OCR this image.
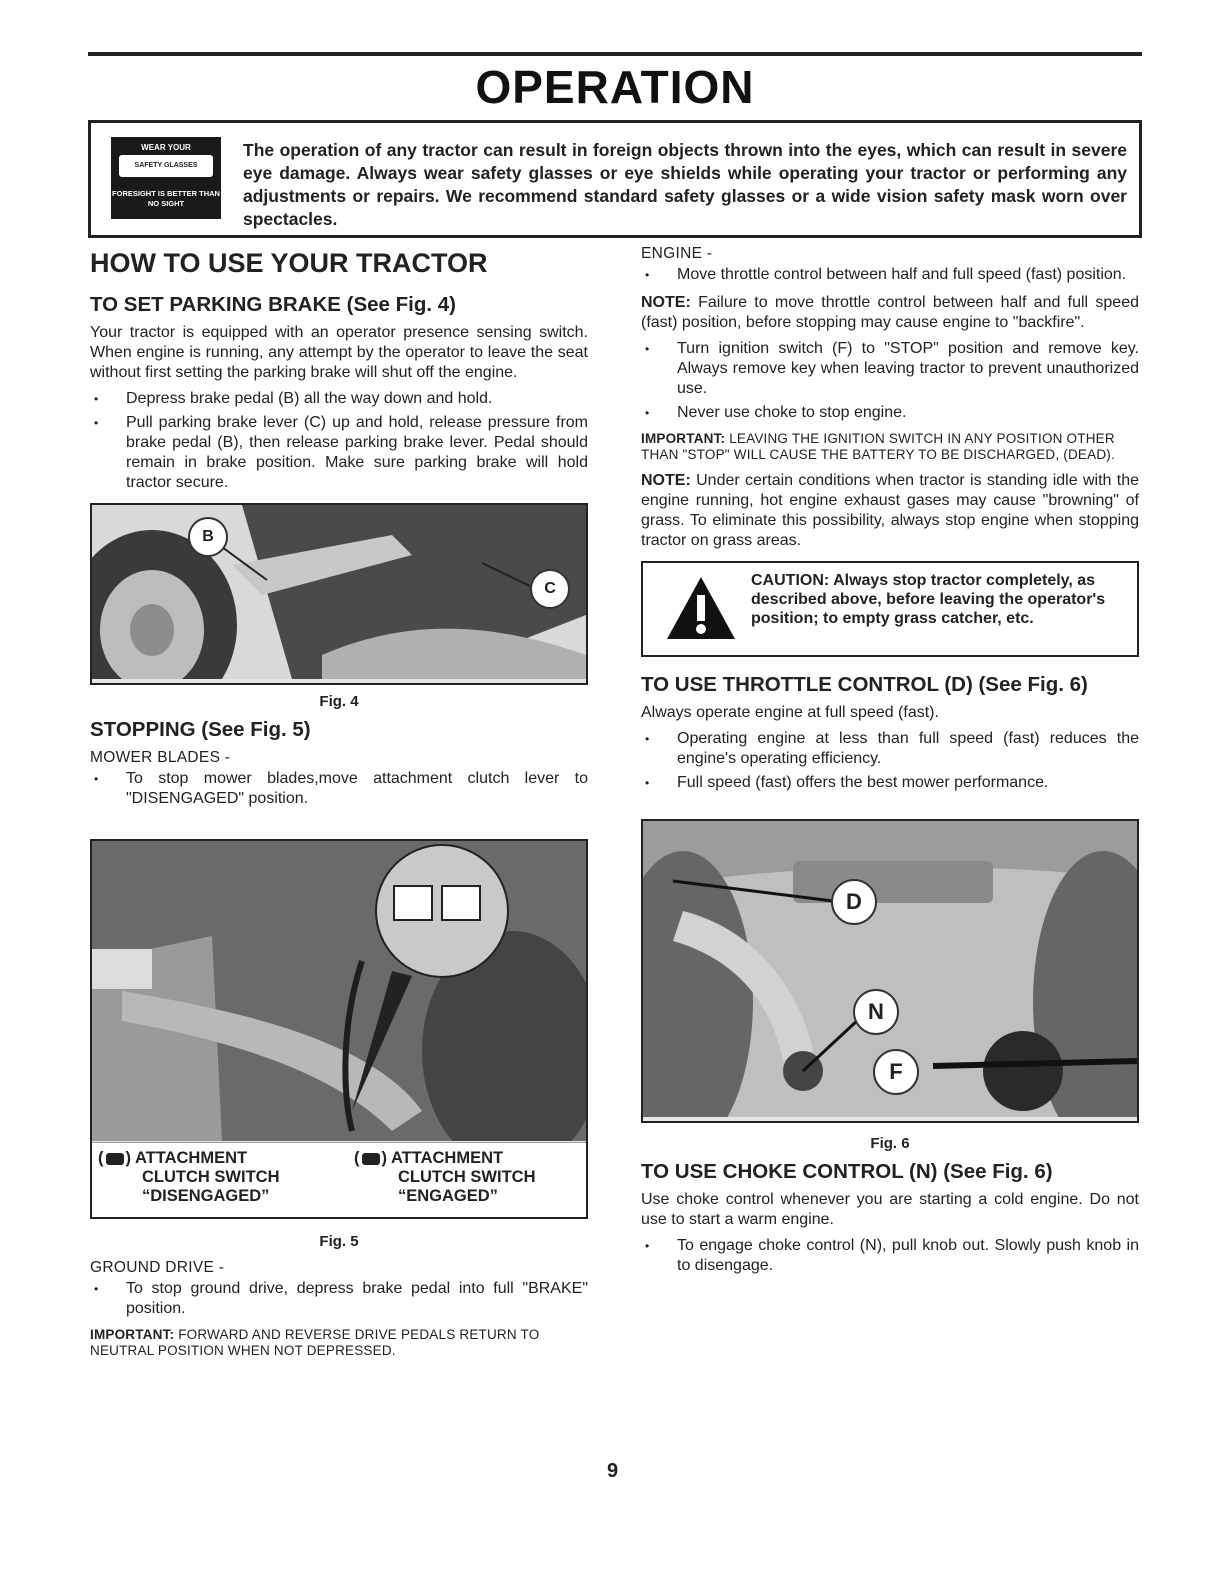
OPERATION
WEAR YOUR
SAFETY GLASSES
FORESIGHT IS BETTER THAN NO SIGHT
The operation of any tractor can result in foreign objects thrown into the eyes, which can result in severe eye damage. Always wear safety glasses or eye shields while operating your tractor or performing any adjustments or repairs. We recommend standard safety glasses or a wide vision safety mask worn over spectacles.
HOW TO USE YOUR TRACTOR
TO SET PARKING BRAKE (See Fig. 4)

Your tractor is equipped with an operator presence sensing switch. When engine is running, any attempt by the operator to leave the seat without first setting the parking brake will shut off the engine.

• Depress brake pedal (B) all the way down and hold.
• Pull parking brake lever (C) up and hold, release pressure from brake pedal (B), then release parking brake lever. Pedal should remain in brake position. Make sure parking brake will hold tractor secure.
B
C
Fig. 4
STOPPING (See Fig. 5)
MOWER BLADES -
• To stop mower blades,move attachment clutch lever to "DISENGAGED" position.
( ) ATTACHMENT
CLUTCH SWITCH
“DISENGAGED”
( ) ATTACHMENT
CLUTCH SWITCH
“ENGAGED”
Fig. 5
GROUND DRIVE -
• To stop ground drive, depress brake pedal into full "BRAKE" position.
IMPORTANT: FORWARD AND REVERSE DRIVE PEDALS RETURN TO NEUTRAL POSITION WHEN NOT DEPRESSED.
ENGINE -
• Move throttle control between half and full speed (fast) position.

NOTE: Failure to move throttle control between half and full speed (fast) position, before stopping may cause engine to "backfire".

• Turn ignition switch (F) to "STOP" position and remove key. Always remove key when leaving tractor to prevent unauthorized use.
• Never use choke to stop engine.
IMPORTANT: LEAVING THE IGNITION SWITCH IN ANY POSITION OTHER THAN "STOP" WILL CAUSE THE BATTERY TO BE DISCHARGED, (DEAD).

NOTE: Under certain conditions when tractor is standing idle with the engine running, hot engine exhaust gases may cause "browning" of grass. To eliminate this possibility, always stop engine when stopping tractor on grass areas.

CAUTION: Always stop tractor completely, as described above, before leaving the operator's position; to empty grass catcher, etc.
TO USE THROTTLE CONTROL (D) (See Fig. 6)

Always operate engine at full speed (fast).

• Operating engine at less than full speed (fast) reduces the engine's operating efficiency.
• Full speed (fast) offers the best mower performance.
D
N
F
Fig. 6
TO USE CHOKE CONTROL (N) (See Fig. 6)

Use choke control whenever you are starting a cold engine. Do not use to start a warm engine.

• To engage choke control (N), pull knob out. Slowly push knob in to disengage.
9
